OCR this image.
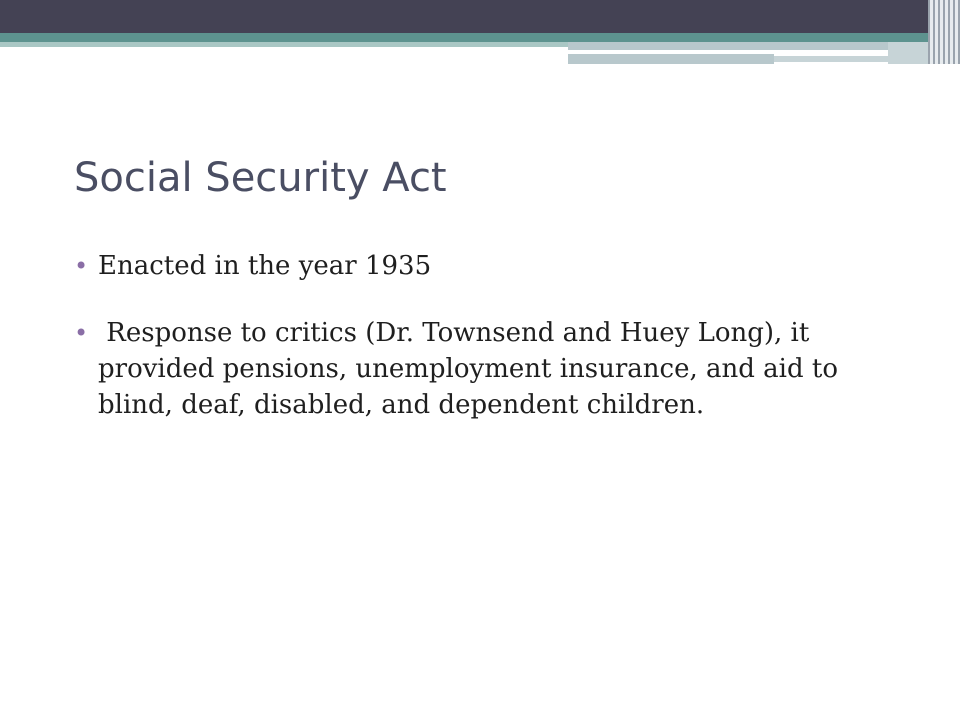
Social Security Act
• Enacted in the year 1935
• Response to critics (Dr. Townsend and Huey Long), it provided pensions, unemployment insurance, and aid to blind, deaf, disabled, and dependent children.
